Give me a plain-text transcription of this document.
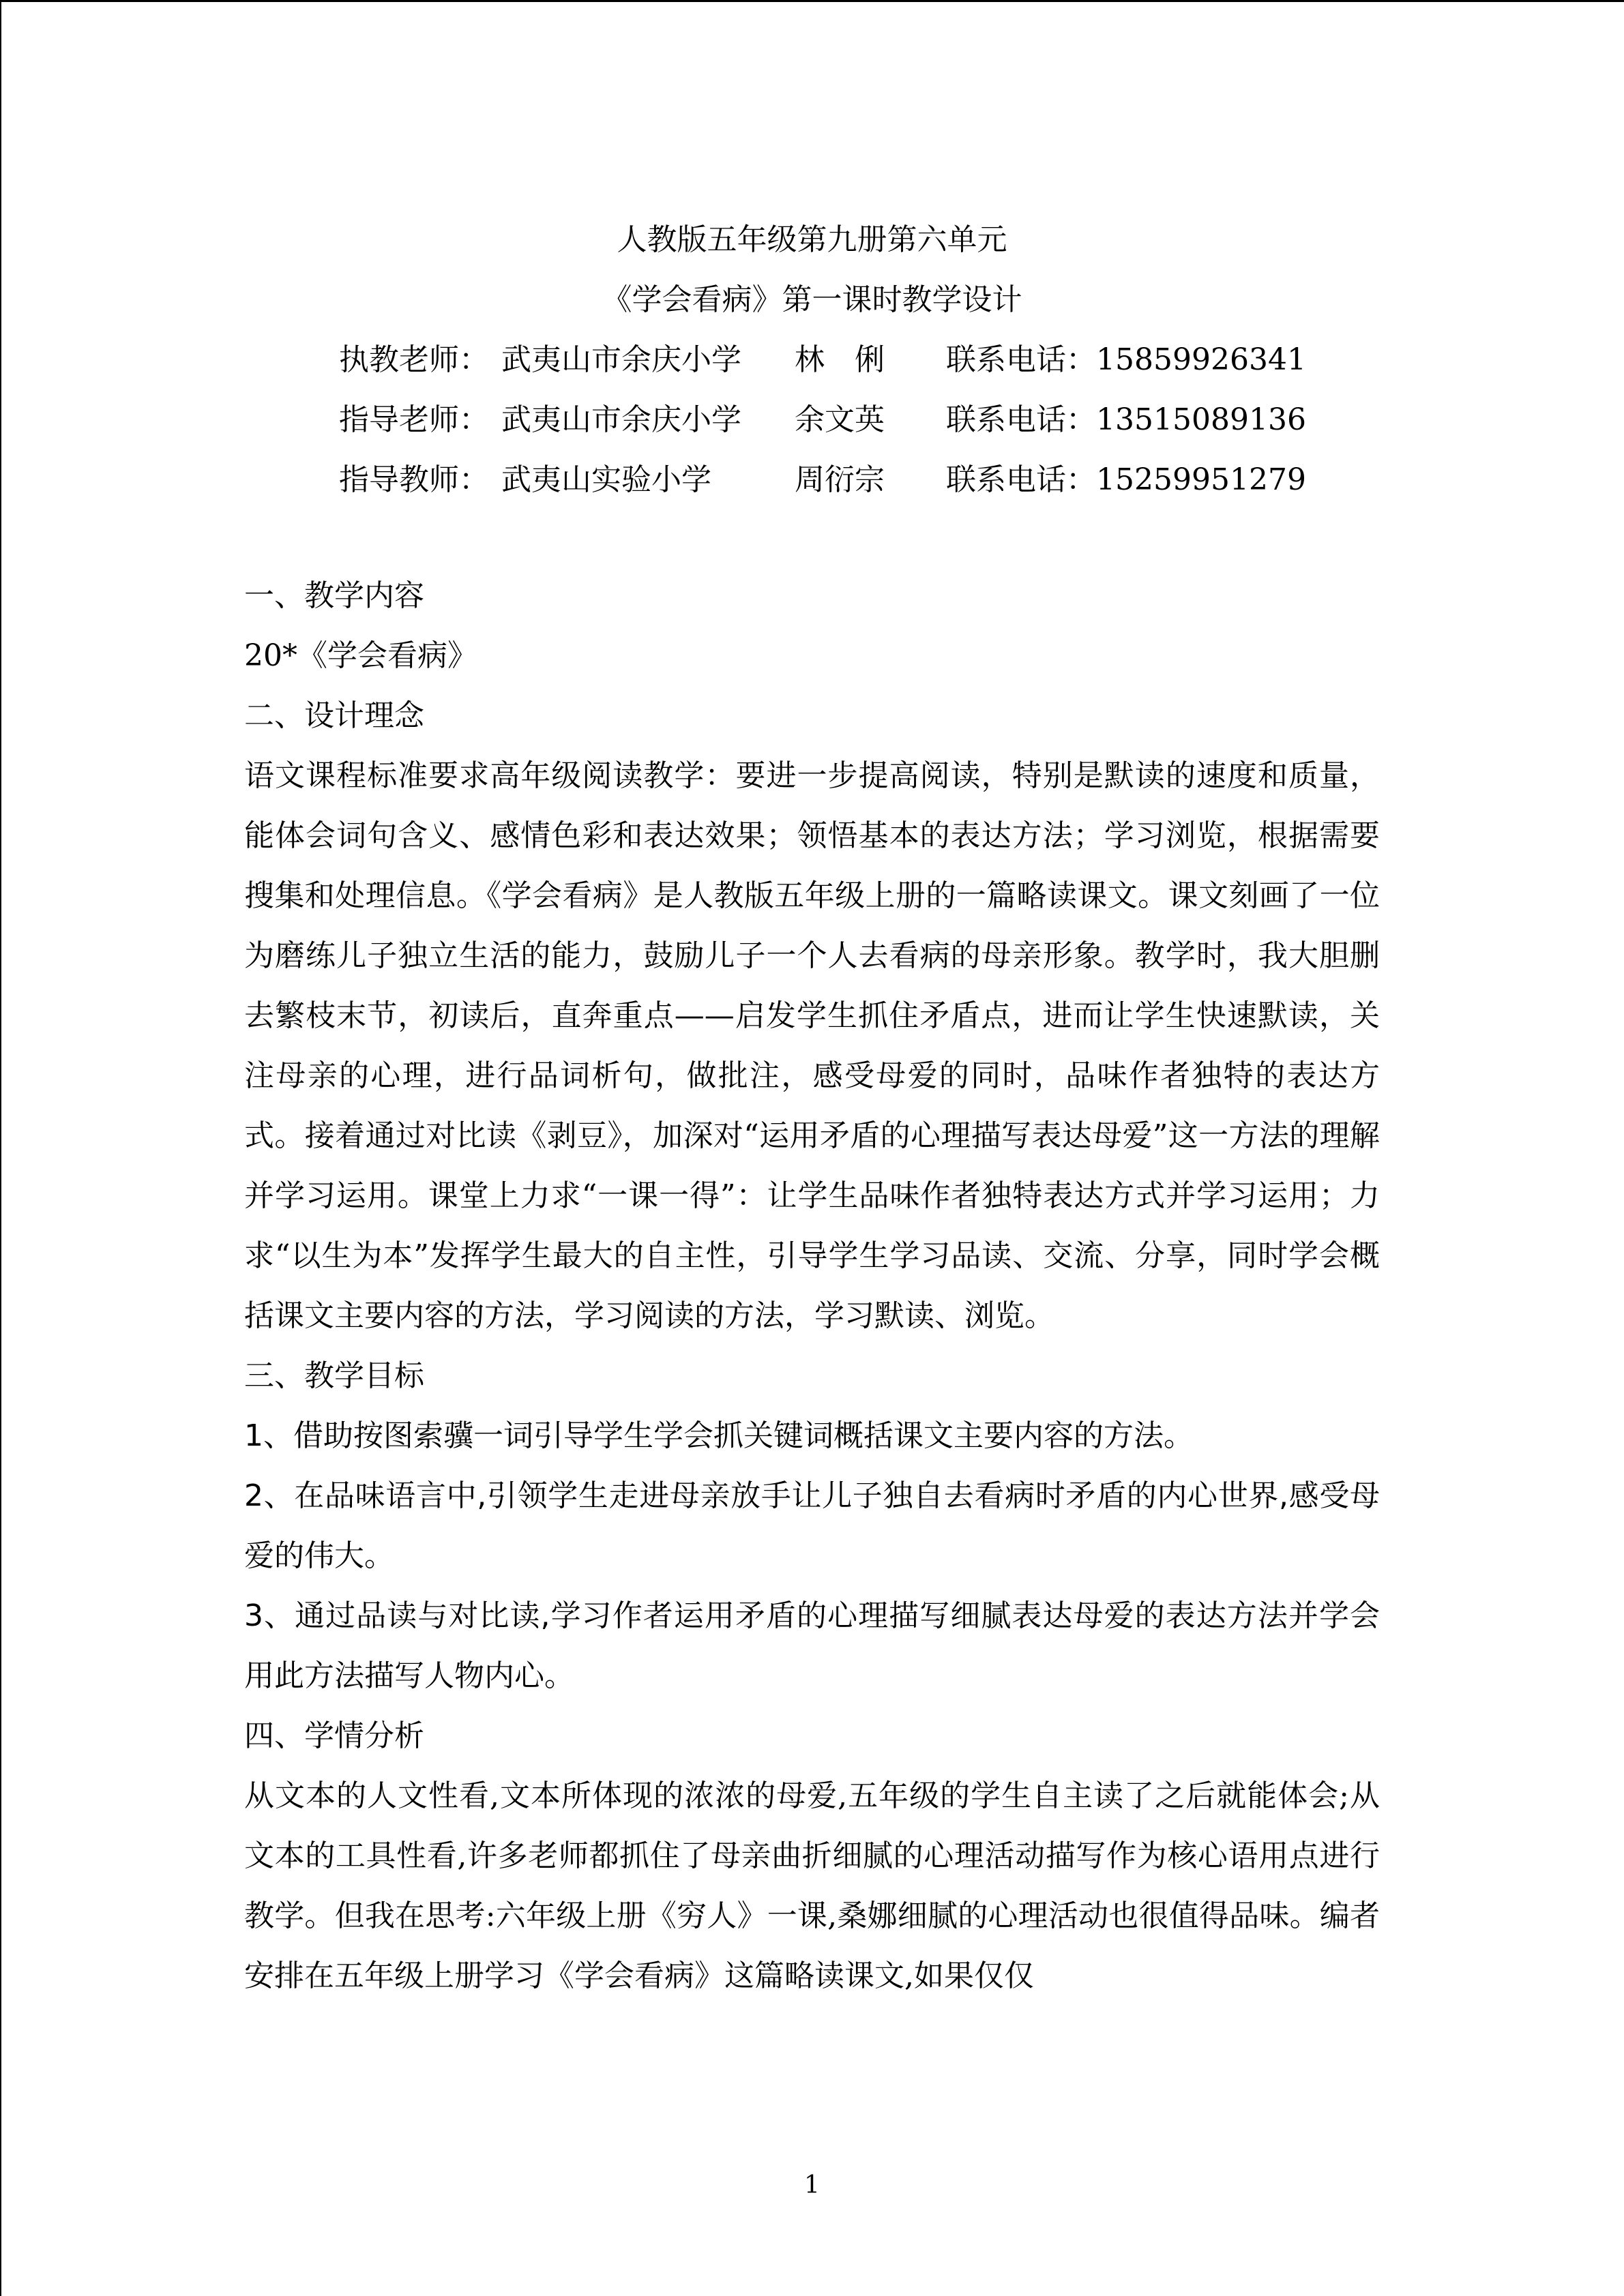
人教版五年级第九册第六单元
《学会看病》第一课时教学设计
执教老师： 武夷山市余庆小学 林　俐 联系电话：15859926341
指导老师： 武夷山市余庆小学 余文英 联系电话：13515089136
指导教师： 武夷山实验小学	周衍宗 联系电话：15259951279

一、教学内容

20*《学会看病》

二、设计理念

语文课程标准要求高年级阅读教学：要进一步提高阅读，特别是默读的速度和质量，能体会词句含义、感情色彩和表达效果；领悟基本的表达方法；学习浏览，根据需要搜集和处理信息。《学会看病》是人教版五年级上册的一篇略读课文。课文刻画了一位为磨练儿子独立生活的能力，鼓励儿子一个人去看病的母亲形象。教学时，我大胆删去繁枝末节，初读后，直奔重点——启发学生抓住矛盾点，进而让学生快速默读，关注母亲的心理，进行品词析句，做批注，感受母爱的同时，品味作者独特的表达方式。接着通过对比读《剥豆》，加深对“运用矛盾的心理描写表达母爱”这一方法的理解并学习运用。课堂上力求“一课一得”：让学生品味作者独特表达方式并学习运用；力求“以生为本”发挥学生最大的自主性，引导学生学习品读、交流、分享，同时学会概括课文主要内容的方法，学习阅读的方法，学习默读、浏览。

三、教学目标

1、借助按图索骥一词引导学生学会抓关键词概括课文主要内容的方法。

2、在品味语言中,引领学生走进母亲放手让儿子独自去看病时矛盾的内心世界,感受母爱的伟大。

3、通过品读与对比读,学习作者运用矛盾的心理描写细腻表达母爱的表达方法并学会用此方法描写人物内心。

四、学情分析

从文本的人文性看,文本所体现的浓浓的母爱,五年级的学生自主读了之后就能体会;从文本的工具性看,许多老师都抓住了母亲曲折细腻的心理活动描写作为核心语用点进行教学。但我在思考:六年级上册《穷人》一课,桑娜细腻的心理活动也很值得品味。编者安排在五年级上册学习《学会看病》这篇略读课文,如果仅仅

1
